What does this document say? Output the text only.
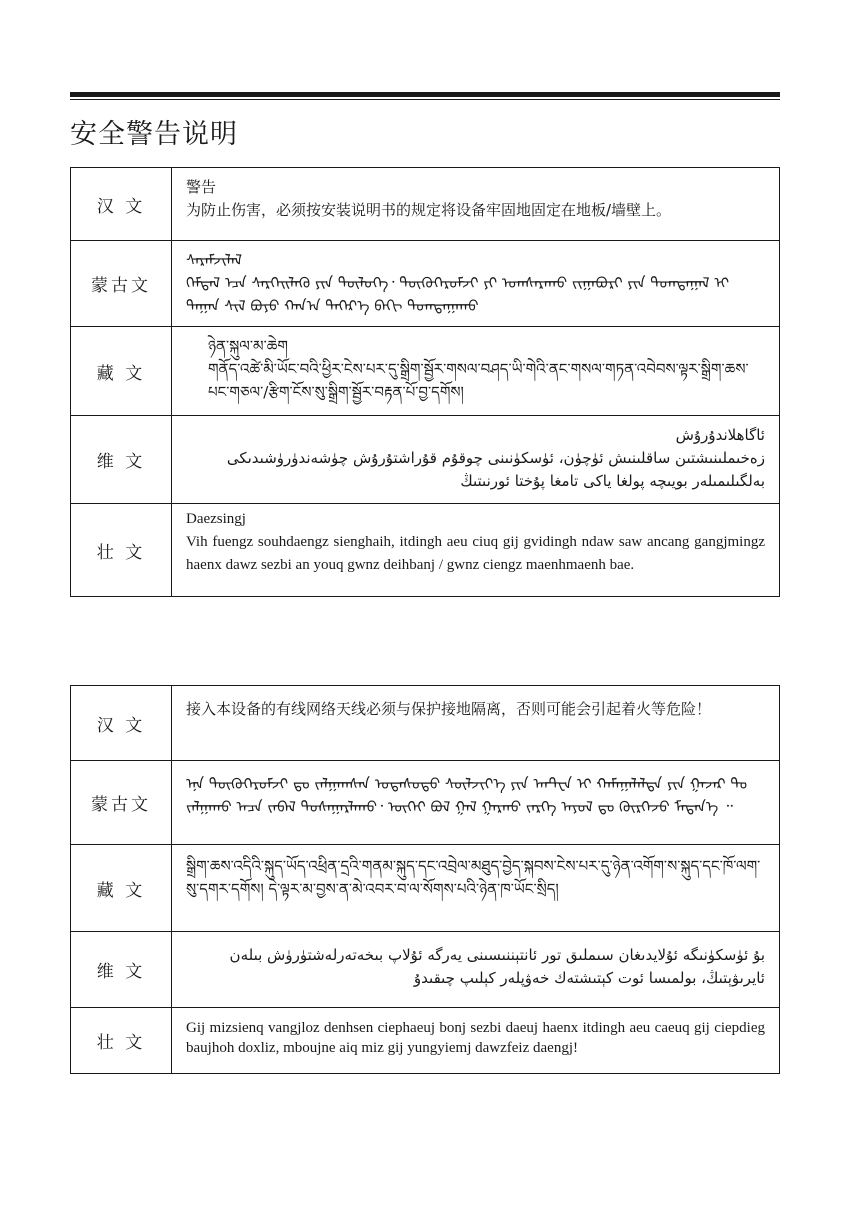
安全警告说明
汉 文	警告
为防止伤害，必须按安装说明书的规定将设备牢固地固定在地板/墙壁上。

蒙古文	ᠰᠡᠷᠡᠮᠵᠢᠯᠡᠯ
ᠭᠡᠮᠲᠡᠯ ᠡᠴᠡ ᠰᠡᠷᠭᠡᠢᠯᠡᠬᠦ ᠶᠢᠨ ᠲᠥᠯᠥᠭᠡ᠂ ᠲᠥᠬᠥᠭᠡᠷᠦᠮᠵᠢ ᠶᠢ ᠤᠭᠰᠠᠷᠠᠬᠤ ᠵᠢᠭᠠᠪᠤᠷᠢ ᠶᠢᠨ ᠲᠣᠭᠲᠠᠭᠠᠯ ᠢ ᠳᠠᠭᠠᠨ ᠰᠢᠯ ᠪᠤᠶᠤ ᠬᠠᠨ᠎ᠠ ᠳᠡᠭᠡᠷ᠎ᠡ ᠪᠡᠬᠢ ᠲᠣᠭᠲᠠᠭᠠᠬᠤ

藏 文	ཉེན་སྐུལ་མ་ཆེག
གནོད་འཚེ་མི་ཡོང་བའི་ཕྱིར་ངེས་པར་དུ་སྒྲིག་སྦྱོར་གསལ་བཤད་ཡི་གེའི་ནང་གསལ་གཏན་འབེབས་ལྟར་སྒྲིག་ཆས་པང་གཅལ་/རྩིག་ངོས་སུ་སྒྲིག་སྦྱོར་བརྟན་པོ་བྱ་དགོས།

维 文	ئاگاھلاندۇرۇش
زەخىملىنىشتىن ساقلىنىش ئۈچۈن، ئۈسكۈنىنى چوقۇم قۇراشتۇرۇش چۈشەندۈرۈشىدىكى بەلگىلىمىلەر بويىچە پولغا ياكى تامغا پۇختا ئورنىتىڭ

壮 文	Daezsingj
Vih fuengz souhdaengz sienghaih, itdingh aeu ciuq gij gvidingh ndaw saw ancang gangjmingz haenx dawz sezbi an youq gwnz deihbanj / gwnz ciengz maenhmaenh bae.
汉 文	接入本设备的有线网络天线必须与保护接地隔离，否则可能会引起着火等危险！
蒙古文	ᠡᠨᠡ ᠲᠥᠬᠥᠭᠡᠷᠦᠮᠵᠢ ᠳᠤ ᠵᠠᠯᠭᠠᠭᠰᠠᠨ ᠤᠲᠠᠰᠤᠲᠤ ᠰᠦᠯᠵᠢᠶ᠎ᠡ ᠶᠢᠨ ᠠᠨᠲ᠋ᠸᠨ ᠢ ᠬᠠᠮᠠᠭᠠᠯᠠᠯᠲᠠ ᠶᠢᠨ ᠭᠠᠵᠠᠷ ᠲᠤ ᠵᠠᠯᠭᠠᠬᠤ ᠠᠴᠠ ᠵᠠᠪᠠᠯ ᠲᠤᠰᠠᠭᠠᠷᠯᠠᠬᠤ᠂ ᠦᠭᠡᠢ ᠪᠣᠯ ᠭᠠᠯ ᠭᠠᠷᠬᠤ ᠵᠡᠷᠭᠡ ᠠᠶᠤᠯ ᠳᠤ ᠬᠦᠷᠭᠡᠵᠦ ᠮᠡᠳᠡᠨ᠎ᠡ ᠃
藏 文	སྒྲིག་ཆས་འདིའི་སྐུད་ཡོད་འཕྲིན་དྲའི་གནམ་སྐུད་དང་འབྲེལ་མཐུད་བྱེད་སྐབས་ངེས་པར་དུ་ཉེན་འགོག་ས་སྐུད་དང་ཁོ་ལག་སུ་དགར་དགོས། དེ་ལྟར་མ་བྱས་ན་མེ་འབར་བ་ལ་སོགས་པའི་ཉེན་ཁ་ཡོང་སྲིད།
维 文	بۇ ئۈسكۈنىگە ئۇلايدىغان سىملىق تور ئانتېننىسىنى يەرگە ئۇلاپ بىخەتەرلەشتۈرۈش بىلەن ئايرىۋېتىڭ، بولمىسا ئوت كېتىشتەك خەۋپلەر كېلىپ چىقىدۇ
壮 文	Gij mizsienq vangjloz denhsen ciephaeuj bonj sezbi daeuj haenx itdingh aeu caeuq gij ciepdieg baujhoh doxliz, mboujne aiq miz gij yungyiemj dawzfeiz daengj!
